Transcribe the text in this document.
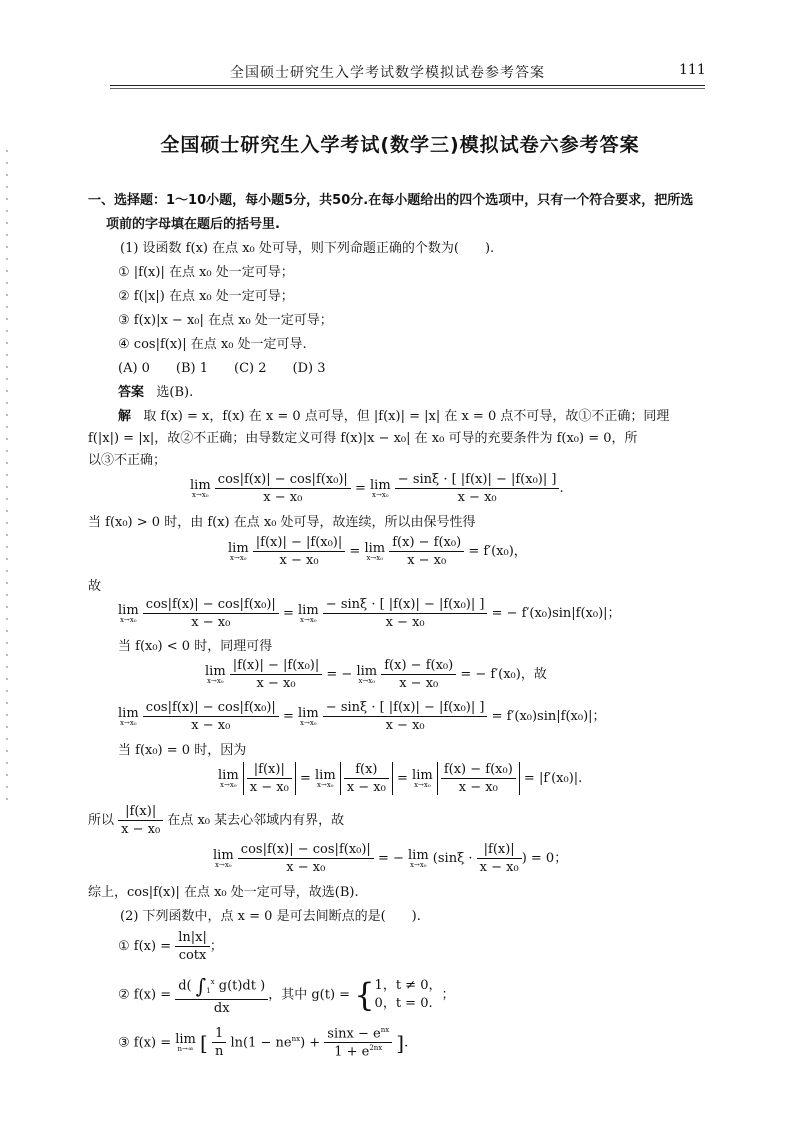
全国硕士研究生入学考试数学模拟试卷参考答案	111
全国硕士研究生入学考试(数学三)模拟试卷六参考答案
一、选择题：1～10小题，每小题5分，共50分.在每小题给出的四个选项中，只有一个符合要求，把所选
项前的字母填在题后的括号里.
(1) 设函数 f(x) 在点 x₀ 处可导，则下列命题正确的个数为(　　).
① |f(x)| 在点 x₀ 处一定可导；
② f(|x|) 在点 x₀ 处一定可导；
③ f(x)|x − x₀| 在点 x₀ 处一定可导；
④ cos|f(x)| 在点 x₀ 处一定可导.
(A) 0　　(B) 1　　(C) 2　　(D) 3
答案 选(B).
解 取 f(x) = x，f(x) 在 x = 0 点可导，但 |f(x)| = |x| 在 x = 0 点不可导，故①不正确；同理
f(|x|) = |x|，故②不正确；由导数定义可得 f(x)|x − x₀| 在 x₀ 可导的充要条件为 f(x₀) = 0，所
以③不正确；
lim
x→x₀
$\frac{\text{cos|f(x)| − cos|f(x₀)|}}{\text{x − x₀}} = \lim$
x→x₀
$\frac{\text{− sinξ · [ |f(x)| − |f(x₀)| ]}}{\text{x − x₀}}$ .
当 f(x₀) > 0 时，由 f(x) 在点 x₀ 处可导，故连续，所以由保号性得
lim
x→x₀
$\frac{\text{|f(x)| − |f(x₀)|}}{\text{x − x₀}} = \lim$
x→x₀
$\frac{\text{f(x) − f(x₀)}}{\text{x − x₀}} = f'(x_0)$，
故
lim
x→x₀
$\frac{\text{cos|f(x)| − cos|f(x₀)|}}{\text{x − x₀}} = \lim$
x→x₀
$\frac{\text{− sinξ · [ |f(x)| − |f(x₀)| ]}}{\text{x − x₀}}$ = − f′(x₀)sin|f(x₀)|；
当 f(x₀) < 0 时，同理可得
lim
x→x₀
$\frac{\text{|f(x)| − |f(x₀)|}}{\text{x − x₀}}$ = − lim
x→x₀
$\frac{\text{f(x) − f(x₀)}}{\text{x − x₀}}$ = − f′(x₀)，故
lim
x→x₀
$\frac{\text{cos|f(x)| − cos|f(x₀)|}}{\text{x − x₀}} = \lim$
x→x₀
$\frac{\text{− sinξ · [ |f(x)| − |f(x₀)| ]}}{\text{x − x₀}} = f'(x_0)\sin|f(x_0)|$；
当 f(x₀) = 0 时，因为
lim
x→x₀
$\frac{|f(x)|}{\text{x − x₀}} = \lim$
x→x₀
$\frac{f(x)}{\text{x − x₀}} = \lim$
x→x₀
$\frac{\text{f(x) − f(x₀)}}{\text{x − x₀}} = |f'(x_0)|$.
所以 $\frac{|f(x)|}{\text{x − x₀}}$ 在点 x₀ 某去心邻域内有界，故
lim
x→x₀
$\frac{\text{cos|f(x)| − cos|f(x₀)|}}{\text{x − x₀}}$ = − lim
x→x₀ ($\sin\xi \cdot \frac{|f(x)|}{\text{x − x₀}}$ ) = 0；
综上，cos|f(x)| 在点 x₀ 处一定可导，故选(B).
(2) 下列函数中，点 x = 0 是可去间断点的是(　　).
① $f(x) = \frac{\ln|x|}{\cot x}$ ；
② $f(x) = \frac{d( \int_1^x g(t)dt )}{dx}$ ，其中 g(t) = {1，t ≠ 0，
0，t = 0.；
③ f(x) = lim
n→∞ [ $\frac{1}{n} \ln(1 - ne^{nx}) + \frac{\sin x - e^{nx}}{1 + e^{2nx}}$ ].
